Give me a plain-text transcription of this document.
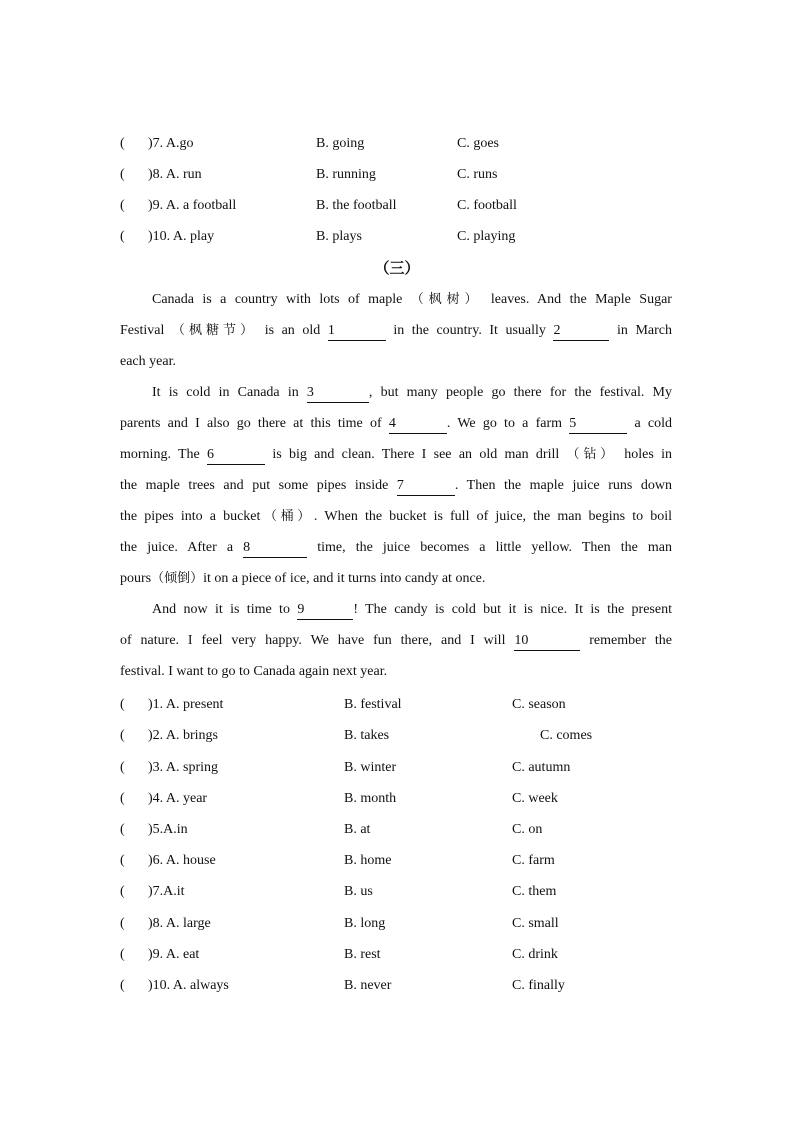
( )7. A.go	B. going	C. goes
( )8. A. run	B. running	C. runs
( )9. A. a football	B. the football	C. football
( )10. A. play	B. plays	C. playing
（三）
Canada is a country with lots of maple （枫树） leaves. And the Maple Sugar
Festival （枫糖节） is an old 1	in the country. It usually 2	in March
each year.
It is cold in Canada in 3	, but many people go there for the festival. My
parents and I also go there at this time of 4	. We go to a farm 5	a cold
morning. The 6	is big and clean. There I see an old man drill （钻） holes in
the maple trees and put some pipes inside 7	. Then the maple juice runs down
the pipes into a bucket（桶）. When the bucket is full of juice, the man begins to boil
the juice. After a 8	time, the juice becomes a little yellow. Then the man
pours（倾倒）it on a piece of ice, and it turns into candy at once.
And now it is time to 9	! The candy is cold but it is nice. It is the present
of nature. I feel very happy. We have fun there, and I will 10	remember the
festival. I want to go to Canada again next year.
( )1. A. present	B. festival	C. season
( )2. A. brings	B. takes	C. comes
( )3. A. spring	B. winter	C. autumn
( )4. A. year	B. month	C. week
( )5.A.in	B. at	C. on
( )6. A. house	B. home	C. farm
( )7.A.it	B. us	C. them
( )8. A. large	B. long	C. small
( )9. A. eat	B. rest	C. drink
( )10. A. always	B. never	C. finally
